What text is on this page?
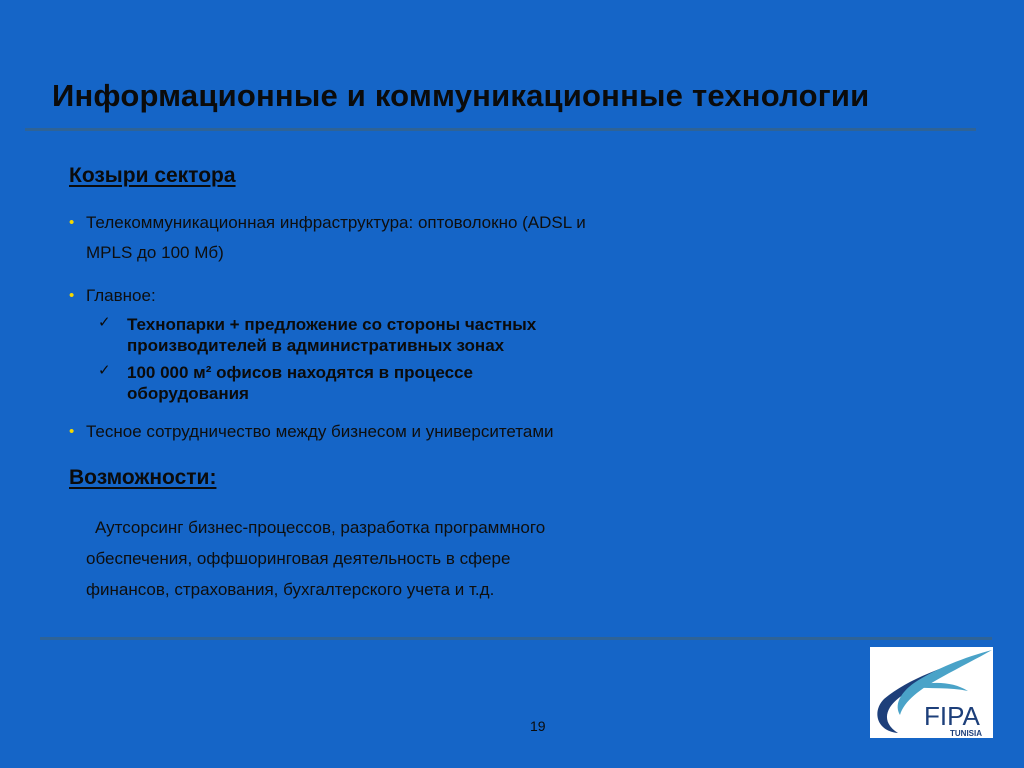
Информационные и коммуникационные технологии
Козыри сектора
• Телекоммуникационная инфраструктура: оптоволокно (ADSL и
MPLS до 100 Мб)
• Главное:
✓ Технопарки + предложение со стороны частных
производителей в административных зонах
✓ 100 000 м² офисов находятся в процессе
оборудования
• Тесное сотрудничество между бизнесом и университетами
Возможности:
Аутсорсинг бизнес-процессов, разработка программного
обеспечения, оффшоринговая деятельность в сфере
финансов, страхования, бухгалтерского учета и т.д.
19	FIPA
TUNISIA
